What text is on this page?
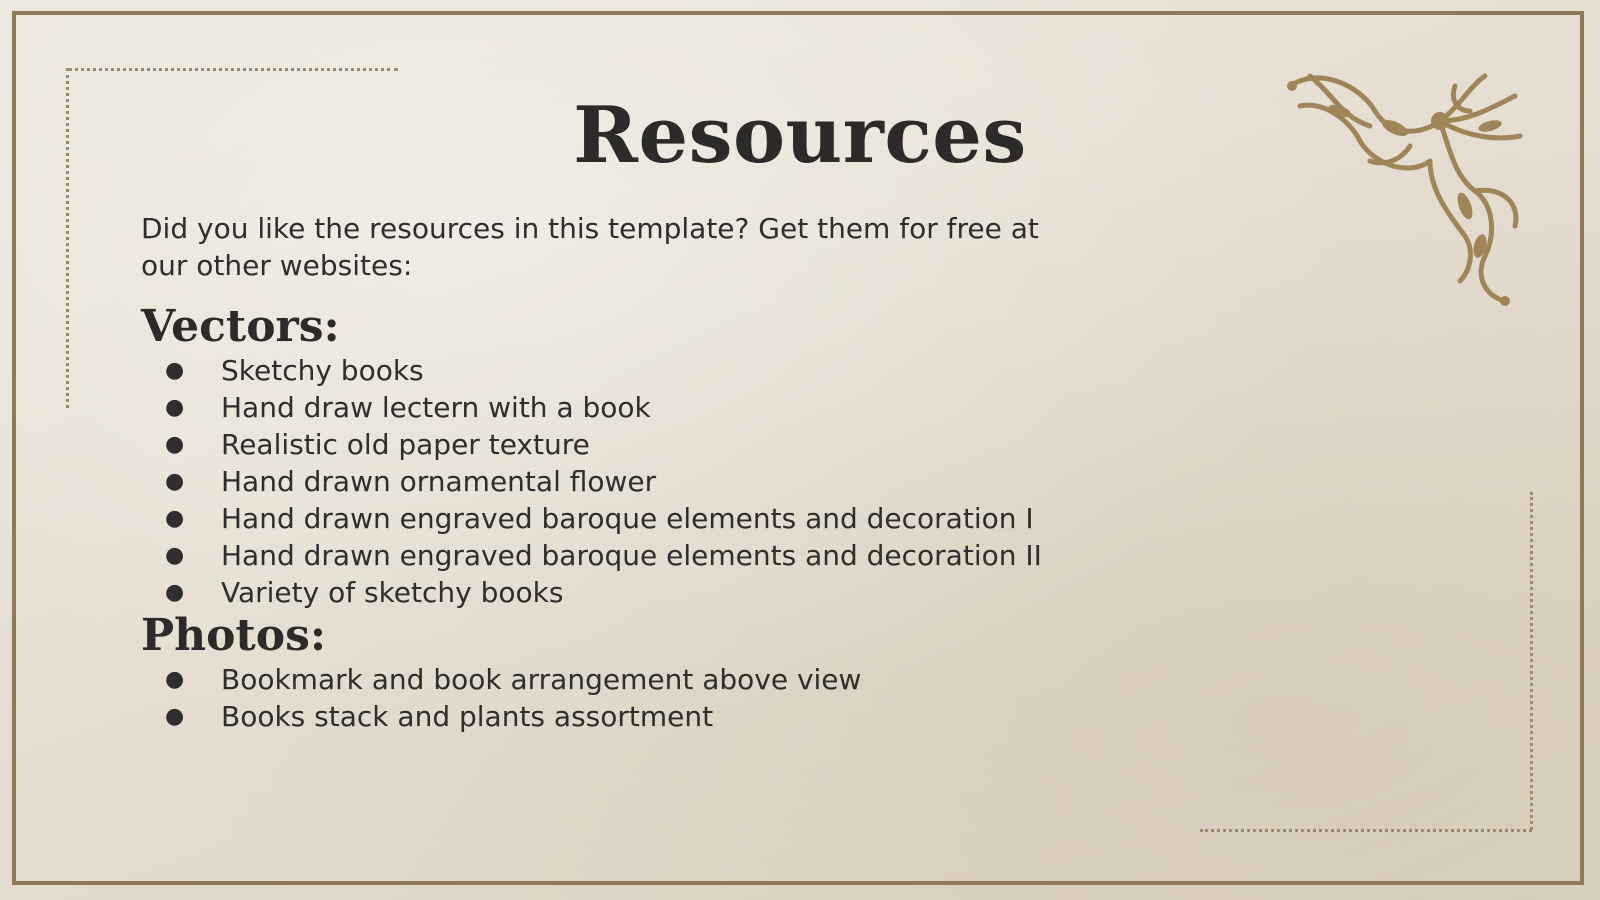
Resources

Did you like the resources in this template? Get them for free at our other websites:

Vectors:
● Sketchy books
● Hand draw lectern with a book
● Realistic old paper texture
● Hand drawn ornamental flower
● Hand drawn engraved baroque elements and decoration I
● Hand drawn engraved baroque elements and decoration II
● Variety of sketchy books
Photos:
● Bookmark and book arrangement above view
● Books stack and plants assortment
